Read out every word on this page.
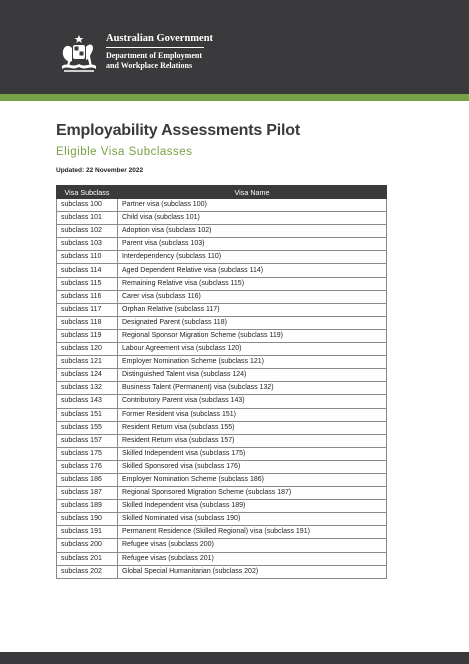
Australian Government
Department of Employment
and Workplace Relations
Employability Assessments Pilot
Eligible Visa Subclasses
Updated: 22 November 2022
Visa Subclass	Visa Name
subclass 100	Partner visa (subclass 100)
subclass 101	Child visa (subclass 101)
subclass 102	Adoption visa (subclass 102)
subclass 103	Parent visa (subclass 103)
subclass 110	Interdependency (subclass 110)
subclass 114	Aged Dependent Relative visa (subclass 114)
subclass 115	Remaining Relative visa (subclass 115)
subclass 116	Carer visa (subclass 116)
subclass 117	Orphan Relative (subclass 117)
subclass 118	Designated Parent (subclass 118)
subclass 119	Regional Sponsor Migration Scheme (subclass 119)
subclass 120	Labour Agreement visa (subclass 120)
subclass 121	Employer Nomination Scheme (subclass 121)
subclass 124	Distinguished Talent visa (subclass 124)
subclass 132	Business Talent (Permanent) visa (subclass 132)
subclass 143	Contributory Parent visa (subclass 143)
subclass 151	Former Resident visa (subclass 151)
subclass 155	Resident Return visa (subclass 155)
subclass 157	Resident Return visa (subclass 157)
subclass 175	Skilled Independent visa (subclass 175)
subclass 176	Skilled Sponsored visa (subclass 176)
subclass 186	Employer Nomination Scheme (subclass 186)
subclass 187	Regional Sponsored Migration Scheme (subclass 187)
subclass 189	Skilled Independent visa (subclass 189)
subclass 190	Skilled Nominated visa (subclass 190)
subclass 191	Permanent Residence (Skilled Regional) visa (subclass 191)
subclass 200	Refugee visas (subclass 200)
subclass 201	Refugee visas (subclass 201)
subclass 202	Global Special Humanitarian (subclass 202)
